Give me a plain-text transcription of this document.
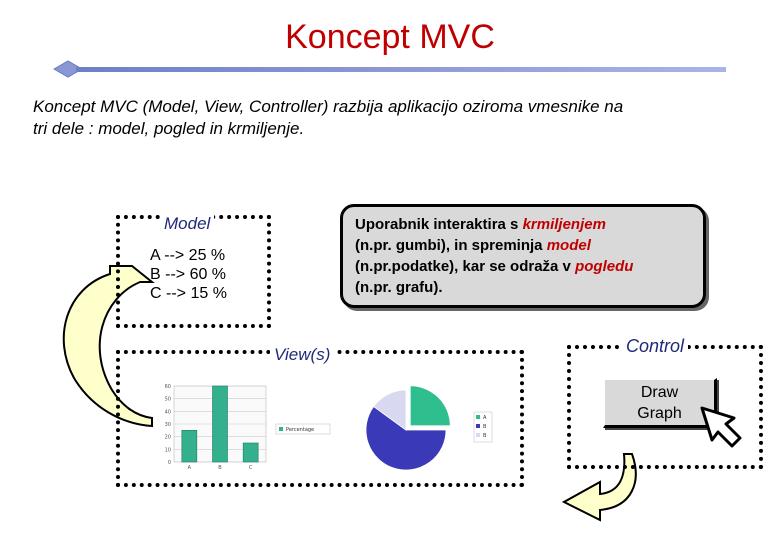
Koncept MVC
Koncept MVC (Model, View, Controller) razbija aplikacijo oziroma vmesnike na
tri dele : model, pogled in krmiljenje.
Model
A --> 25 %
B --> 60 %
C --> 15 %
Uporabnik interaktira s krmiljenjem
(n.pr. gumbi), in spreminja model
(n.pr.podatke), kar se odraža v pogledu
(n.pr. grafu).
View(s)	Control
Draw
Graph
0
10
20
30
40
50
60
A	B	C
Percentage
A
B
B
